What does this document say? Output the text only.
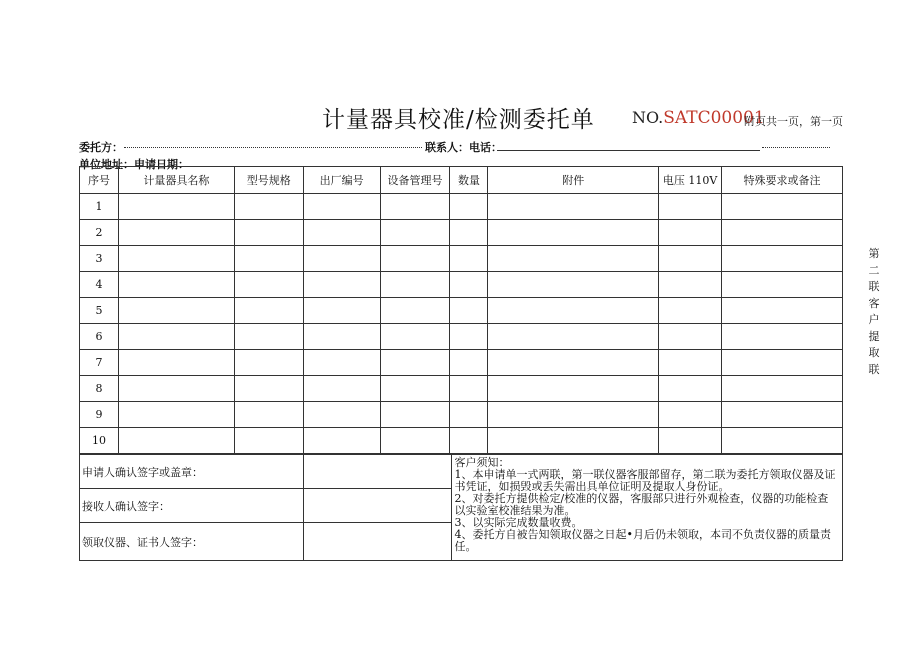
计量器具校准/检测委托单 NO.SATC00001
附页共一页，第一页
委托方：	联系人：电话：
单位地址：申请日期：
序号	计量器具名称	型号规格	出厂编号	设备管理号	数量	附件	电压 110V	特殊要求或备注
1								
2								
3								
4								
5								
6								
7								
8								
9								
10								
申请人确认签字或盖章：		客户须知：
1、本申请单一式两联，第一联仪器客服部留存，第二联为委托方领取仪器及证书凭证，如损毁或丢失需出具单位证明及提取人身份证。
2、对委托方提供检定/校准的仪器，客服部只进行外观检查，仪器的功能检查以实验室校准结果为准。
3、以实际完成数量收费。
4、委托方自被告知领取仪器之日起•月后仍未领取，本司不负责仪器的质量责任。

接收人确认签字：		
领取仪器、证书人签字：		
第
二
联
客
户
提
取
联
